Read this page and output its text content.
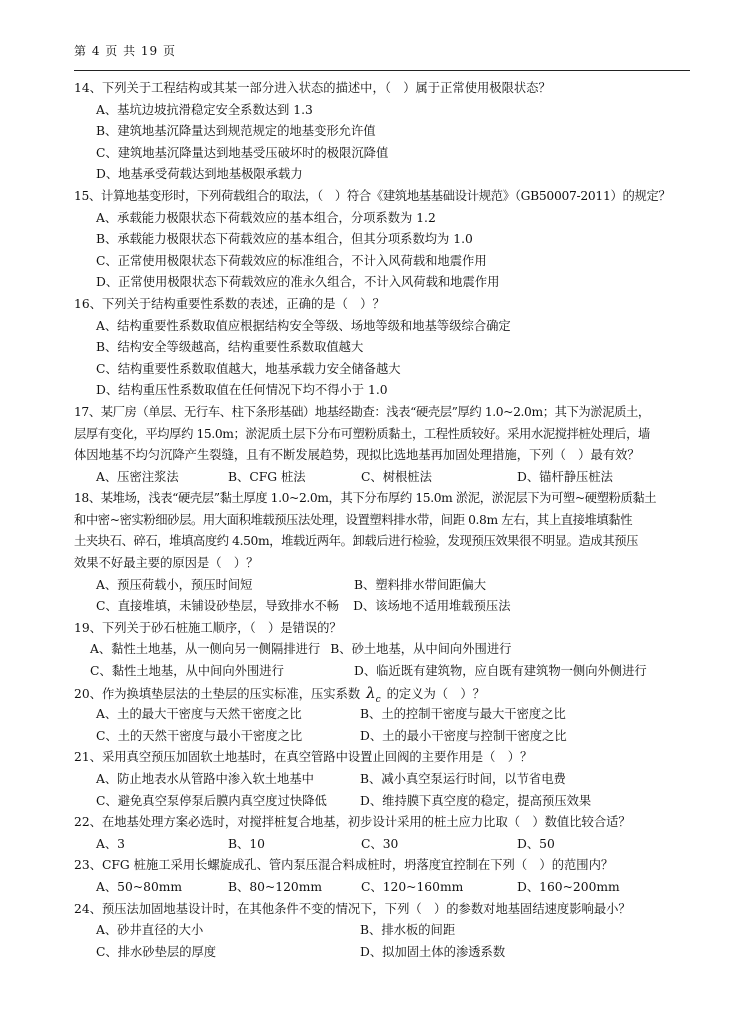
第 4 页 共 19 页
14、下列关于工程结构或其某一部分进入状态的描述中，（　）属于正常使用极限状态？
A、基坑边坡抗滑稳定安全系数达到 1.3
B、建筑地基沉降量达到规范规定的地基变形允许值
C、建筑地基沉降量达到地基受压破坏时的极限沉降值
D、地基承受荷载达到地基极限承载力
15、计算地基变形时，下列荷载组合的取法，（　）符合《建筑地基基础设计规范》（GB50007-2011）的规定？
A、承载能力极限状态下荷载效应的基本组合，分项系数为 1.2
B、承载能力极限状态下荷载效应的基本组合，但其分项系数均为 1.0
C、正常使用极限状态下荷载效应的标准组合，不计入风荷载和地震作用
D、正常使用极限状态下荷载效应的准永久组合，不计入风荷载和地震作用
16、下列关于结构重要性系数的表述，正确的是（　）？
A、结构重要性系数取值应根据结构安全等级、场地等级和地基等级综合确定
B、结构安全等级越高，结构重要性系数取值越大
C、结构重要性系数取值越大，地基承载力安全储备越大
D、结构重压性系数取值在任何情况下均不得小于 1.0
17、某厂房（单层、无行车、柱下条形基础）地基经勘查：浅表“硬壳层”厚约 1.0~2.0m；其下为淤泥质土，
层厚有变化，平均厚约 15.0m；淤泥质土层下分布可塑粉质黏土，工程性质较好。采用水泥搅拌桩处理后，墙
体因地基不均匀沉降产生裂缝，且有不断发展趋势，现拟比选地基再加固处理措施，下列（　）最有效？
A、压密注浆法	B、CFG 桩法	C、树根桩法	D、锚杆静压桩法
18、某堆场，浅表“硬壳层”黏土厚度 1.0~2.0m，其下分布厚约 15.0m 淤泥，淤泥层下为可塑~硬塑粉质黏土
和中密~密实粉细砂层。用大面积堆载预压法处理，设置塑料排水带，间距 0.8m 左右，其上直接堆填黏性
土夹块石、碎石，堆填高度约 4.50m，堆载近两年。卸载后进行检验，发现预压效果很不明显。造成其预压
效果不好最主要的原因是（　）？
A、预压荷载小，预压时间短	B、塑料排水带间距偏大
C、直接堆填，未铺设砂垫层，导致排水不畅 D、该场地不适用堆载预压法
19、下列关于砂石桩施工顺序，（　）是错误的？
A、黏性土地基，从一侧向另一侧隔排进行 B、砂土地基，从中间向外围进行
C、黏性土地基，从中间向外围进行	D、临近既有建筑物，应自既有建筑物一侧向外侧进行
20、作为换填垫层法的土垫层的压实标准，压实系数 $\lambda_c$ 的定义为（　）？
A、土的最大干密度与天然干密度之比	B、土的控制干密度与最大干密度之比
C、土的天然干密度与最小干密度之比	D、土的最小干密度与控制干密度之比
21、采用真空预压加固软土地基时，在真空管路中设置止回阀的主要作用是（　）？
A、防止地表水从管路中渗入软土地基中	B、减小真空泵运行时间，以节省电费
C、避免真空泵停泵后膜内真空度过快降低	D、维持膜下真空度的稳定，提高预压效果
22、在地基处理方案必选时，对搅拌桩复合地基，初步设计采用的桩土应力比取（　）数值比较合适？
A、3	B、10	C、30	D、50
23、CFG 桩施工采用长螺旋成孔、管内泵压混合料成桩时，坍落度宜控制在下列（　）的范围内？
A、50~80mm	B、80~120mm	C、120~160mm	D、160~200mm
24、预压法加固地基设计时，在其他条件不变的情况下，下列（　）的参数对地基固结速度影响最小？
A、砂井直径的大小	B、排水板的间距
C、排水砂垫层的厚度	D、拟加固土体的渗透系数
